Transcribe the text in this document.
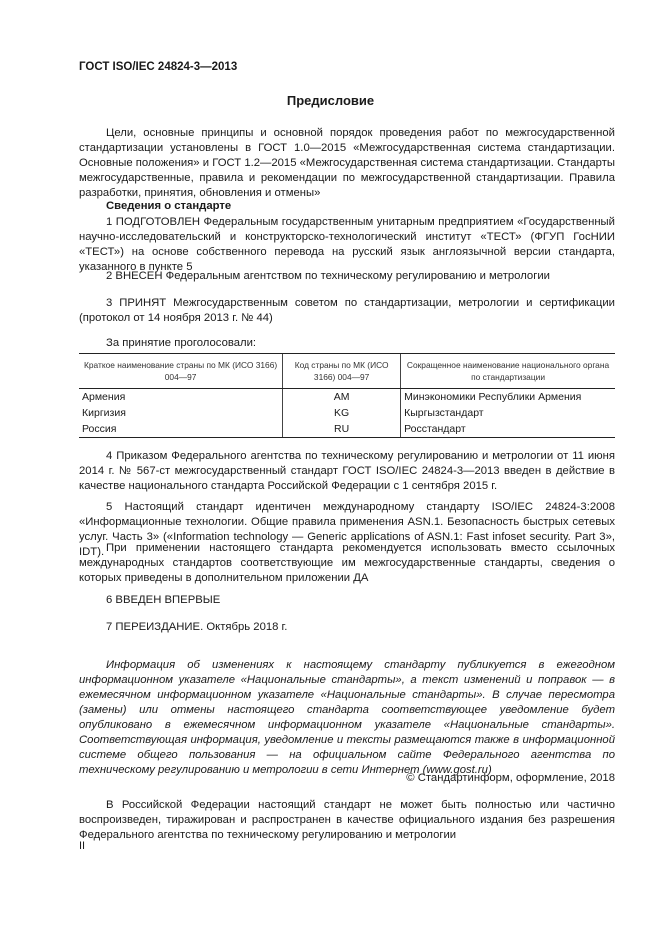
ГОСТ ISO/IEC 24824-3—2013
Предисловие
Цели, основные принципы и основной порядок проведения работ по межгосударственной стандартизации установлены в ГОСТ 1.0—2015 «Межгосударственная система стандартизации. Основные положения» и ГОСТ 1.2—2015 «Межгосударственная система стандартизации. Стандарты межгосударственные, правила и рекомендации по межгосударственной стандартизации. Правила разработки, принятия, обновления и отмены»
Сведения о стандарте
1 ПОДГОТОВЛЕН Федеральным государственным унитарным предприятием «Государственный научно-исследовательский и конструкторско-технологический институт «ТЕСТ» (ФГУП ГосНИИ «ТЕСТ») на основе собственного перевода на русский язык англоязычной версии стандарта, указанного в пункте 5
2 ВНЕСЕН Федеральным агентством по техническому регулированию и метрологии
3 ПРИНЯТ Межгосударственным советом по стандартизации, метрологии и сертификации (протокол от 14 ноября 2013 г. № 44)
За принятие проголосовали:
Краткое наименование страны по МК (ИСО 3166) 004—97	Код страны по МК (ИСО 3166) 004—97	Сокращенное наименование национального органа по стандартизации
Армения	AM	Минэкономики Республики Армения
Киргизия	KG	Кыргызстандарт
Россия	RU	Росстандарт
4 Приказом Федерального агентства по техническому регулированию и метрологии от 11 июня 2014 г. № 567-ст межгосударственный стандарт ГОСТ ISO/IEC 24824-3—2013 введен в действие в качестве национального стандарта Российской Федерации с 1 сентября 2015 г.
5 Настоящий стандарт идентичен международному стандарту ISO/IEC 24824-3:2008 «Информационные технологии. Общие правила применения ASN.1. Безопасность быстрых сетевых услуг. Часть 3» («Information technology — Generic applications of ASN.1: Fast infoset security. Part 3», IDT). При применении настоящего стандарта рекомендуется использовать вместо ссылочных международных стандартов соответствующие им межгосударственные стандарты, сведения о которых приведены в дополнительном приложении ДА
6 ВВЕДЕН ВПЕРВЫЕ
7 ПЕРЕИЗДАНИЕ. Октябрь 2018 г.
Информация об изменениях к настоящему стандарту публикуется в ежегодном информационном указателе «Национальные стандарты», а текст изменений и поправок — в ежемесячном информационном указателе «Национальные стандарты». В случае пересмотра (замены) или отмены настоящего стандарта соответствующее уведомление будет опубликовано в ежемесячном информационном указателе «Национальные стандарты». Соответствующая информация, уведомление и тексты размещаются также в информационной системе общего пользования — на официальном сайте Федерального агентства по техническому регулированию и метрологии в сети Интернет (www.gost.ru)
© Стандартинформ, оформление, 2018
В Российской Федерации настоящий стандарт не может быть полностью или частично воспроизведен, тиражирован и распространен в качестве официального издания без разрешения Федерального агентства по техническому регулированию и метрологии
II
